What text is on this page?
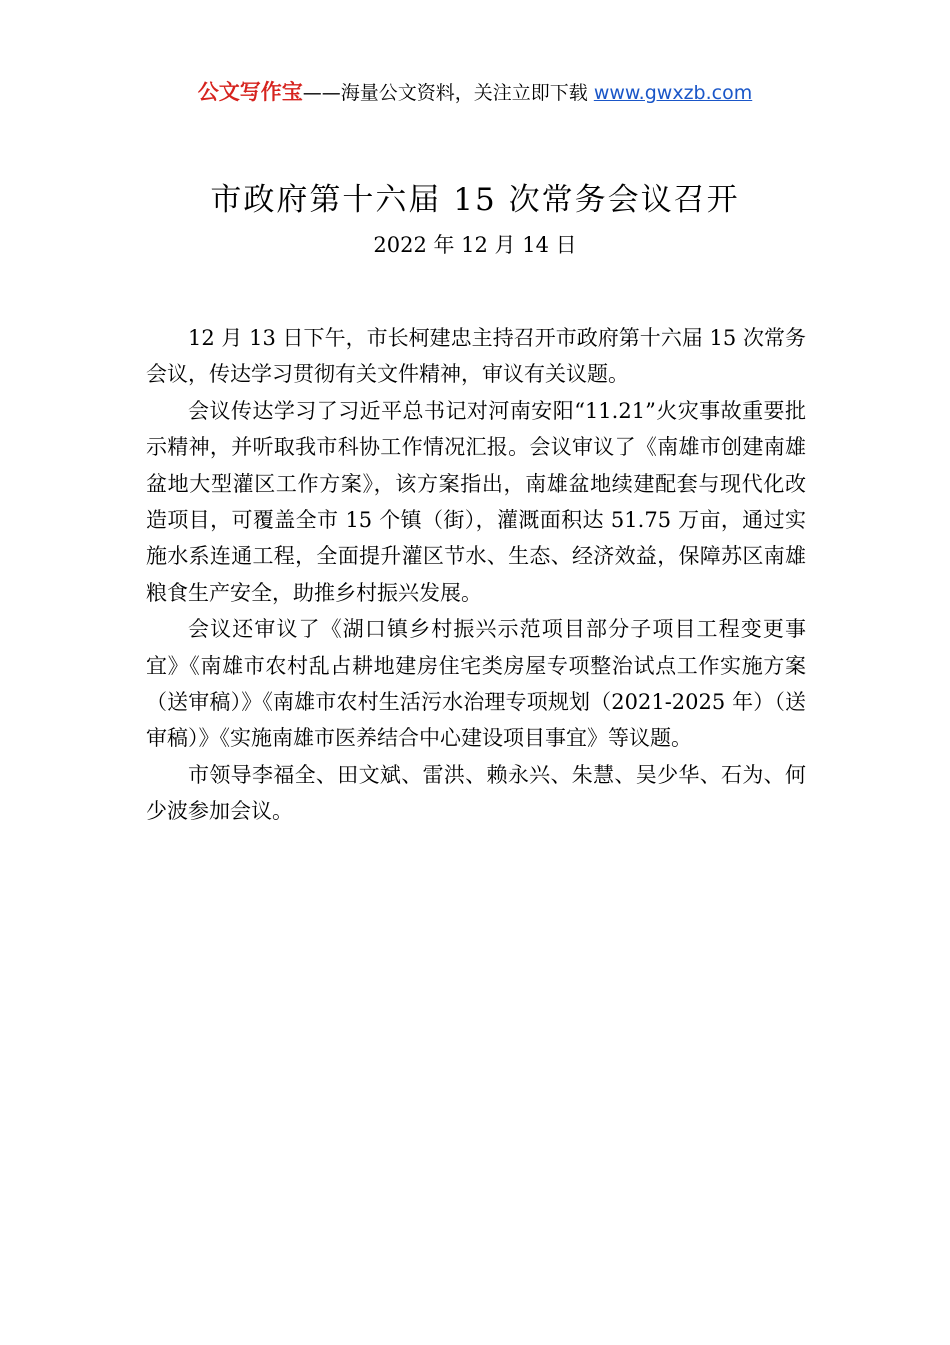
公文写作宝——海量公文资料，关注立即下载 www.gwxzb.com
市政府第十六届 15 次常务会议召开
2022 年 12 月 14 日

12 月 13 日下午，市长柯建忠主持召开市政府第十六届 15 次常务会议，传达学习贯彻有关文件精神，审议有关议题。

会议传达学习了习近平总书记对河南安阳“11.21”火灾事故重要批示精神，并听取我市科协工作情况汇报。会议审议了《南雄市创建南雄盆地大型灌区工作方案》，该方案指出，南雄盆地续建配套与现代化改造项目，可覆盖全市 15 个镇（街），灌溉面积达 51.75 万亩，通过实施水系连通工程，全面提升灌区节水、生态、经济效益，保障苏区南雄粮食生产安全，助推乡村振兴发展。

会议还审议了《湖口镇乡村振兴示范项目部分子项目工程变更事宜》《南雄市农村乱占耕地建房住宅类房屋专项整治试点工作实施方案（送审稿）》《南雄市农村生活污水治理专项规划（2021-2025 年）（送审稿）》《实施南雄市医养结合中心建设项目事宜》等议题。

市领导李福全、田文斌、雷洪、赖永兴、朱慧、吴少华、石为、何少波参加会议。
